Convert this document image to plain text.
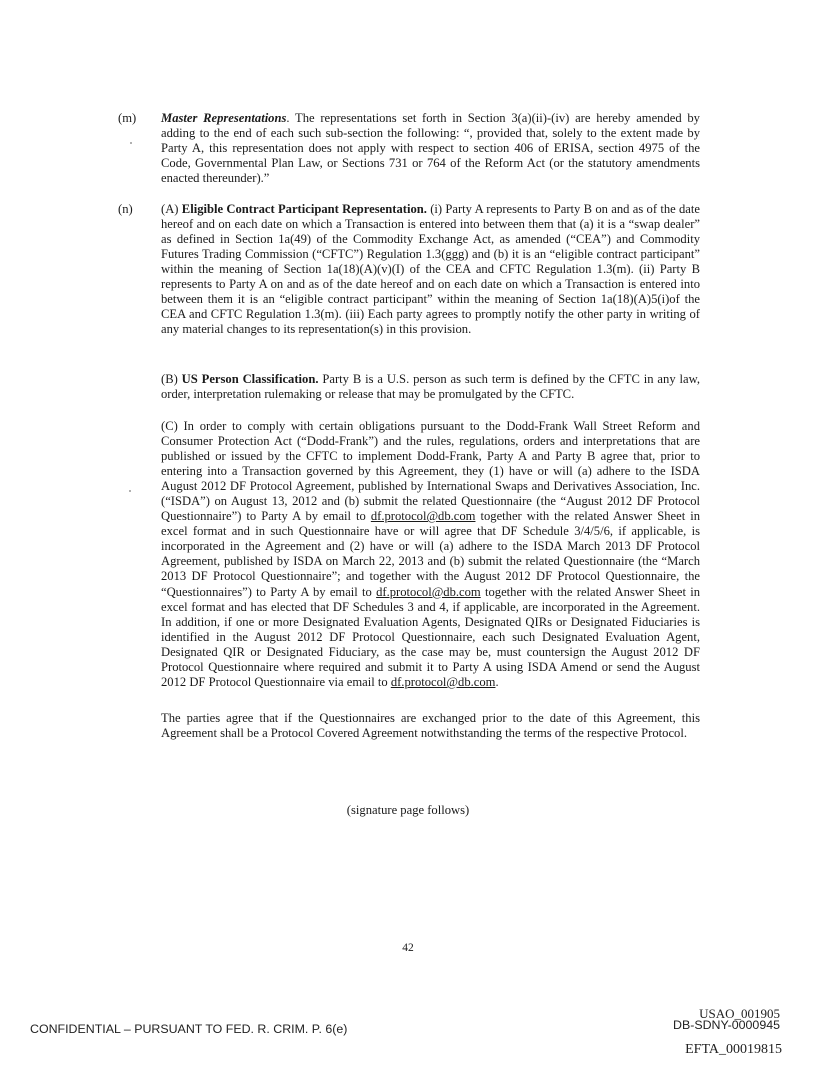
(m) Master Representations. The representations set forth in Section 3(a)(ii)-(iv) are hereby amended by adding to the end of each such sub-section the following: “, provided that, solely to the extent made by Party A, this representation does not apply with respect to section 406 of ERISA, section 4975 of the Code, Governmental Plan Law, or Sections 731 or 764 of the Reform Act (or the statutory amendments enacted thereunder).”

(n) (A) Eligible Contract Participant Representation. (i) Party A represents to Party B on and as of the date hereof and on each date on which a Transaction is entered into between them that (a) it is a “swap dealer” as defined in Section 1a(49) of the Commodity Exchange Act, as amended (“CEA”) and Commodity Futures Trading Commission (“CFTC”) Regulation 1.3(ggg) and (b) it is an “eligible contract participant” within the meaning of Section 1a(18)(A)(v)(I) of the CEA and CFTC Regulation 1.3(m). (ii) Party B represents to Party A on and as of the date hereof and on each date on which a Transaction is entered into between them it is an “eligible contract participant” within the meaning of Section 1a(18)(A)5(i)of the CEA and CFTC Regulation 1.3(m). (iii) Each party agrees to promptly notify the other party in writing of any material changes to its representation(s) in this provision.

(B) US Person Classification. Party B is a U.S. person as such term is defined by the CFTC in any law, order, interpretation rulemaking or release that may be promulgated by the CFTC.

(C) In order to comply with certain obligations pursuant to the Dodd-Frank Wall Street Reform and Consumer Protection Act (“Dodd-Frank”) and the rules, regulations, orders and interpretations that are published or issued by the CFTC to implement Dodd-Frank, Party A and Party B agree that, prior to entering into a Transaction governed by this Agreement, they (1) have or will (a) adhere to the ISDA August 2012 DF Protocol Agreement, published by International Swaps and Derivatives Association, Inc. (“ISDA”) on August 13, 2012 and (b) submit the related Questionnaire (the “August 2012 DF Protocol Questionnaire”) to Party A by email to df.protocol@db.com together with the related Answer Sheet in excel format and in such Questionnaire have or will agree that DF Schedule 3/4/5/6, if applicable, is incorporated in the Agreement and (2) have or will (a) adhere to the ISDA March 2013 DF Protocol Agreement, published by ISDA on March 22, 2013 and (b) submit the related Questionnaire (the “March 2013 DF Protocol Questionnaire”; and together with the August 2012 DF Protocol Questionnaire, the “Questionnaires”) to Party A by email to df.protocol@db.com together with the related Answer Sheet in excel format and has elected that DF Schedules 3 and 4, if applicable, are incorporated in the Agreement. In addition, if one or more Designated Evaluation Agents, Designated QIRs or Designated Fiduciaries is identified in the August 2012 DF Protocol Questionnaire, each such Designated Evaluation Agent, Designated QIR or Designated Fiduciary, as the case may be, must countersign the August 2012 DF Protocol Questionnaire where required and submit it to Party A using ISDA Amend or send the August 2012 DF Protocol Questionnaire via email to df.protocol@db.com.

The parties agree that if the Questionnaires are exchanged prior to the date of this Agreement, this Agreement shall be a Protocol Covered Agreement notwithstanding the terms of the respective Protocol.

(signature page follows)
42
CONFIDENTIAL – PURSUANT TO FED. R. CRIM. P. 6(e)
USAO_001905
DB-SDNY-0000945
EFTA_00019815
